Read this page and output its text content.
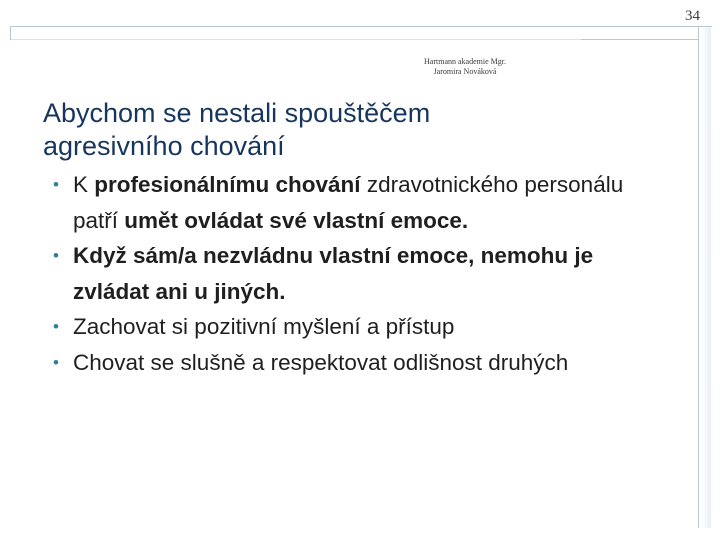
34
Hartmann akademie Mgr.
Jaromira Nováková
Abychom se nestali spouštěčem
agresivního chování
• K profesionálnímu chování zdravotnického personálu patří umět ovládat své vlastní emoce.
• Když sám/a nezvládnu vlastní emoce, nemohu je zvládat ani u jiných.
• Zachovat si pozitivní myšlení a přístup
• Chovat se slušně a respektovat odlišnost druhých
